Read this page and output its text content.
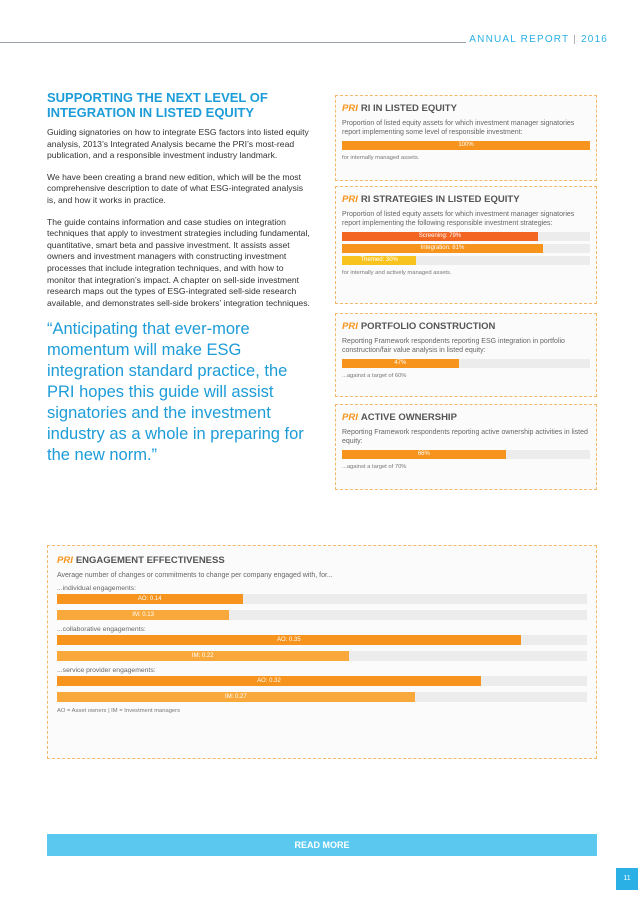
ANNUAL REPORT | 2016
SUPPORTING THE NEXT LEVEL OF INTEGRATION IN LISTED EQUITY

Guiding signatories on how to integrate ESG factors into listed equity analysis, 2013’s Integrated Analysis became the PRI’s most-read publication, and a responsible investment industry landmark.

We have been creating a brand new edition, which will be the most comprehensive description to date of what ESG-integrated analysis is, and how it works in practice.

The guide contains information and case studies on integration techniques that apply to investment strategies including fundamental, quantitative, smart beta and passive investment. It assists asset owners and investment managers with constructing investment processes that include integration techniques, and with how to monitor that integration’s impact. A chapter on sell-side investment research maps out the types of ESG-integrated sell-side research available, and demonstrates sell-side brokers’ integration techniques.

“Anticipating that ever-more momentum will make ESG integration standard practice, the PRI hopes this guide will assist signatories and the investment industry as a whole in preparing for the new norm.”
PRI RI IN LISTED EQUITY
Proportion of listed equity assets for which investment manager signatories report implementing some level of responsible investment:
100%
for internally managed assets.
PRI RI STRATEGIES IN LISTED EQUITY
Proportion of listed equity assets for which investment manager signatories report implementing the following responsible investment strategies:
Screening: 79%
Integration: 81%
Themed: 30%
for internally and actively managed assets.
PRI PORTFOLIO CONSTRUCTION
Reporting Framework respondents reporting ESG integration in portfolio construction/fair value analysis in listed equity:
47%
...against a target of 60%
PRI ACTIVE OWNERSHIP
Reporting Framework respondents reporting active ownership activities in listed equity:
66%
...against a target of 70%
PRI ENGAGEMENT EFFECTIVENESS
Average number of changes or commitments to change per company engaged with, for...
...individual engagements:
AO: 0.14
IM: 0.13
...collaborative engagements:
AO: 0.35
IM: 0.22
...service provider engagements:
AO: 0.32
IM: 0.27
AO = Asset owners | IM = Investment managers
READ MORE
11
